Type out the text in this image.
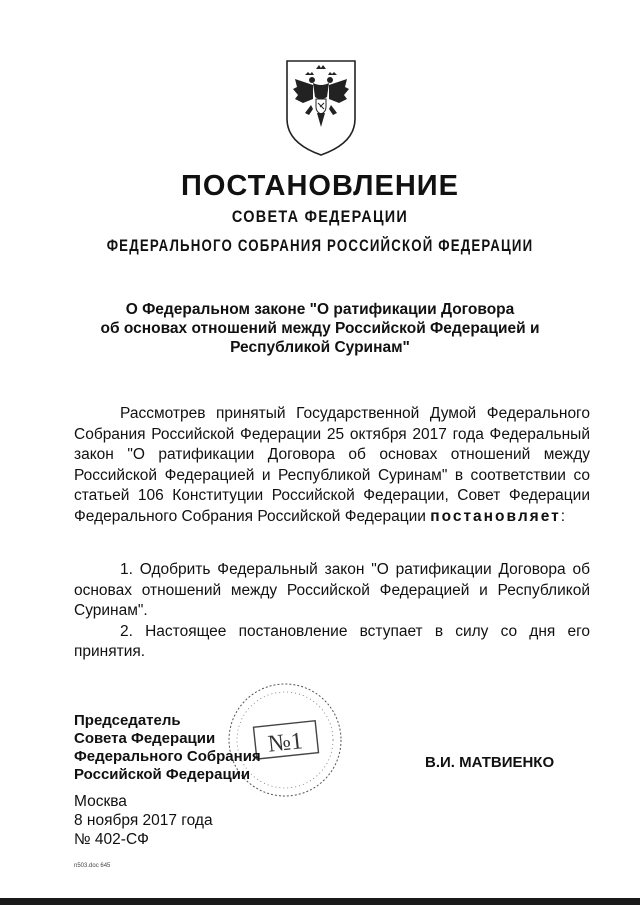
ПОСТАНОВЛЕНИЕ
СОВЕТА ФЕДЕРАЦИИ
ФЕДЕРАЛЬНОГО СОБРАНИЯ РОССИЙСКОЙ ФЕДЕРАЦИИ
О Федеральном законе "О ратификации Договора
об основах отношений между Российской Федерацией и
Республикой Суринам"

Рассмотрев принятый Государственной Думой Федерального Собрания Российской Федерации 25 октября 2017 года Федеральный закон "О ратификации Договора об основах отношений между Российской Федерацией и Республикой Суринам" в соответствии со статьей 106 Конституции Российской Федерации, Совет Федерации Федерального Собрания Российской Федерации постановляет:

1. Одобрить Федеральный закон "О ратификации Договора об основах отношений между Российской Федерацией и Республикой Суринам".

2. Настоящее постановление вступает в силу со дня его принятия.

№1
Председатель
Совета Федерации
Федерального Собрания
Российской Федерации
В.И. МАТВИЕНКО
Москва
8 ноября 2017 года
№ 402-СФ
n503.doc 645
